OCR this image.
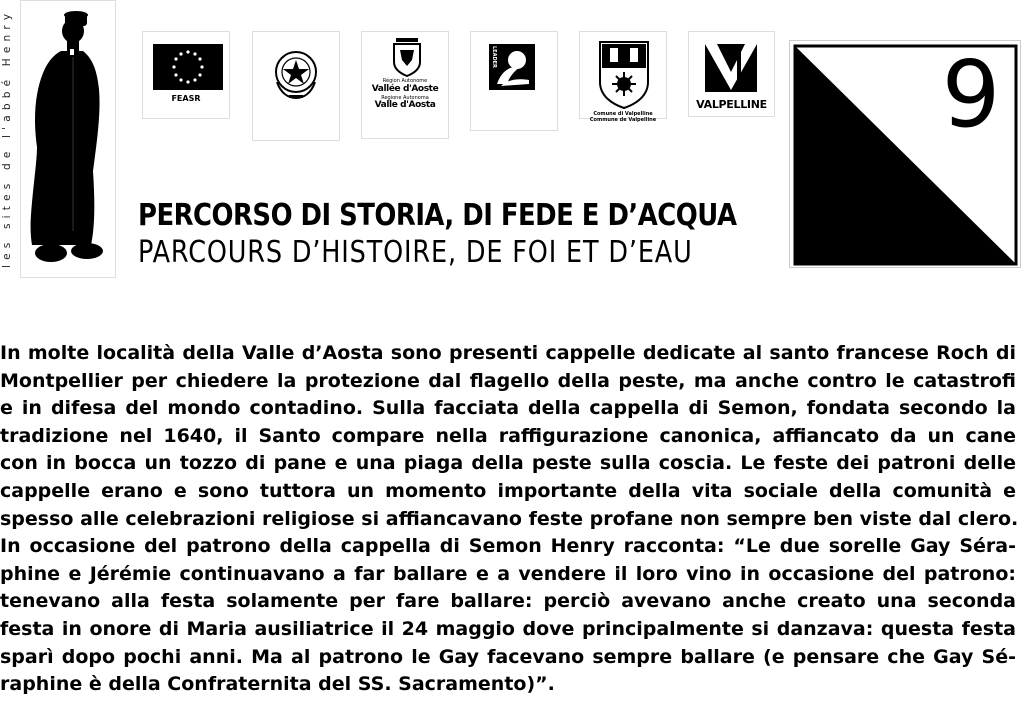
les sites de l'abbé Henry	FEASR
Région Autonome
Vallée d'Aoste
Regione Autonoma
Valle d'Aosta
LEADER
Comune di Valpelline
Commune de Valpelline
VALPELLINE 9
PERCORSO DI STORIA, DI FEDE E D’ACQUA
PARCOURS D’HISTOIRE, DE FOI ET D’EAU
In molte località della Valle d’Aosta sono presenti cappelle dedicate al santo francese Roch di
Montpellier per chiedere la protezione dal flagello della peste, ma anche contro le catastrofi
e in difesa del mondo contadino. Sulla facciata della cappella di Semon, fondata secondo la
tradizione nel 1640, il Santo compare nella raffigurazione canonica, affiancato da un cane
con in bocca un tozzo di pane e una piaga della peste sulla coscia. Le feste dei patroni delle
cappelle erano e sono tuttora un momento importante della vita sociale della comunità e
spesso alle celebrazioni religiose si affiancavano feste profane non sempre ben viste dal clero.
In occasione del patrono della cappella di Semon Henry racconta: “Le due sorelle Gay Séra-
phine e Jérémie continuavano a far ballare e a vendere il loro vino in occasione del patrono:
tenevano alla festa solamente per fare ballare: perciò avevano anche creato una seconda
festa in onore di Maria ausiliatrice il 24 maggio dove principalmente si danzava: questa festa
sparì dopo pochi anni. Ma al patrono le Gay facevano sempre ballare (e pensare che Gay Sé-
raphine è della Confraternita del SS. Sacramento)”.
